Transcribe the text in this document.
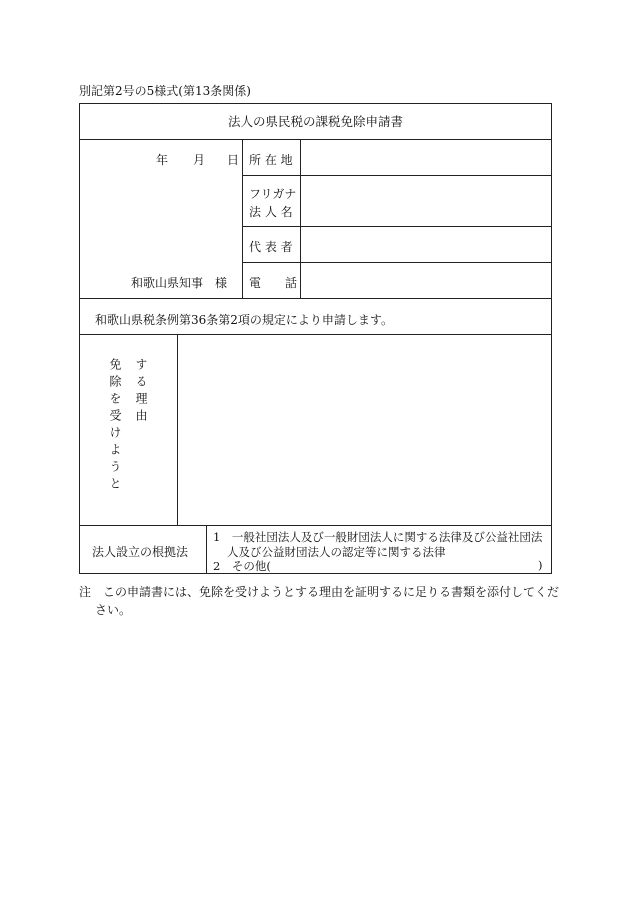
別記第2号の5様式(第13条関係)
法人の県民税の課税免除申請書
年 月 日
和歌山県知事　様
所 在 地
フリガナ
法 人 名
代 表 者
電　　話
和歌山県税条例第36条第2項の規定により申請します。
する理由
免除を受けようと
法人設立の根拠法
1　一般社団法人及び一般財団法人に関する法律及び公益社団法
人及び公益財団法人の認定等に関する法律
2　その他(	)
注　この申請書には、免除を受けようとする理由を証明するに足りる書類を添付してくだ
さい。
